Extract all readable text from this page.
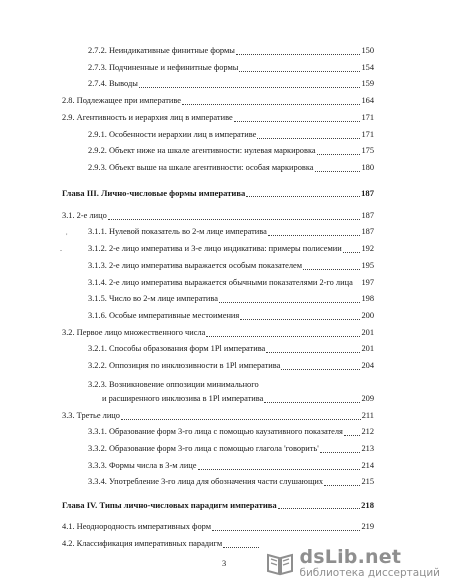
2.7.2. Неиндикативные финитные формы	150
2.7.3. Подчиненные и нефинитные формы	154
2.7.4. Выводы	159
2.8. Подлежащее при императиве	164
2.9. Агентивность и иерархия лиц в императиве	171
2.9.1. Особенности иерархии лиц в императиве	171
2.9.2. Объект ниже на шкале агентивности: нулевая маркировка	175
2.9.3. Объект выше на шкале агентивности: особая маркировка	180
Глава III. Лично-числовые формы императива	187
3.1. 2-е лицо	187
3.1.1. Нулевой показатель во 2-м лице императива	187
3.1.2. 2-е лицо императива и 3-е лицо индикатива: примеры полисемии 192
3.1.3. 2-е лицо императива выражается особым показателем	195
3.1.4. 2-е лицо императива выражается обычными показателями 2-го лица 197
3.1.5. Число во 2-м лице императива	198
3.1.6. Особые императивные местоимения	200
3.2. Первое лицо множественного числа	201
3.2.1. Способы образования форм 1Pl императива	201
3.2.2. Оппозиция по инклюзивности в 1Pl императива	204
3.2.3. Возникновение оппозиции минимального
и расширенного инклюзива в 1Pl императива	209
3.3. Третье лицо	211
3.3.1. Образование форм 3-го лица с помощью каузативного показателя 212
3.3.2. Образование форм 3-го лица с помощью глагола 'говорить'	213
3.3.3. Формы числа в 3-м лице	214
3.3.4. Употребление 3-го лица для обозначения части слушающих	215
Глава IV. Типы лично-числовых парадигм императива	218
4.1. Неоднородность императивных форм	219
4.2. Классификация императивных парадигм
,
-
3	dsLib.net
библиотека диссертаций
